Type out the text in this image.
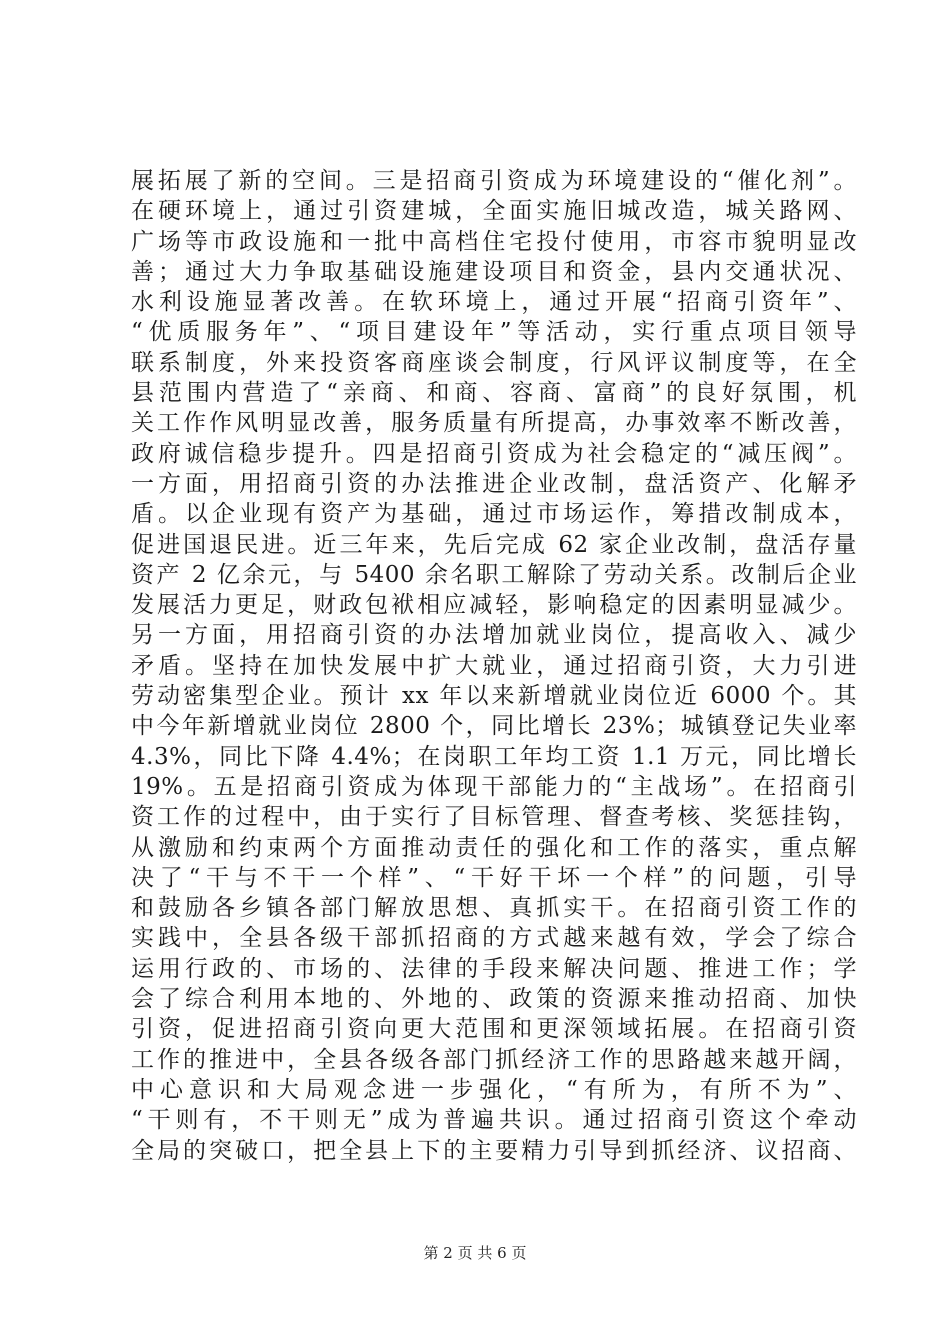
展拓展了新的空间。三是招商引资成为环境建设的“催化剂”。
在硬环境上，通过引资建城，全面实施旧城改造，城关路网、
广场等市政设施和一批中高档住宅投付使用，市容市貌明显改
善；通过大力争取基础设施建设项目和资金，县内交通状况、
水利设施显著改善。在软环境上，通过开展“招商引资年”、
“优质服务年”、“项目建设年”等活动，实行重点项目领导
联系制度，外来投资客商座谈会制度，行风评议制度等，在全
县范围内营造了“亲商、和商、容商、富商”的良好氛围，机
关工作作风明显改善，服务质量有所提高，办事效率不断改善，
政府诚信稳步提升。四是招商引资成为社会稳定的“减压阀”。
一方面，用招商引资的办法推进企业改制，盘活资产、化解矛
盾。以企业现有资产为基础，通过市场运作，筹措改制成本，
促进国退民进。近三年来，先后完成 62 家企业改制，盘活存量
资产 2 亿余元，与 5400 余名职工解除了劳动关系。改制后企业
发展活力更足，财政包袱相应减轻，影响稳定的因素明显减少。
另一方面，用招商引资的办法增加就业岗位，提高收入、减少
矛盾。坚持在加快发展中扩大就业，通过招商引资，大力引进
劳动密集型企业。预计 xx 年以来新增就业岗位近 6000 个。其
中今年新增就业岗位 2800 个，同比增长 23%；城镇登记失业率
4.3%，同比下降 4.4%；在岗职工年均工资 1.1 万元，同比增长
19%。五是招商引资成为体现干部能力的“主战场”。在招商引
资工作的过程中，由于实行了目标管理、督查考核、奖惩挂钩，
从激励和约束两个方面推动责任的强化和工作的落实，重点解
决了“干与不干一个样”、“干好干坏一个样”的问题，引导
和鼓励各乡镇各部门解放思想、真抓实干。在招商引资工作的
实践中，全县各级干部抓招商的方式越来越有效，学会了综合
运用行政的、市场的、法律的手段来解决问题、推进工作；学
会了综合利用本地的、外地的、政策的资源来推动招商、加快
引资，促进招商引资向更大范围和更深领域拓展。在招商引资
工作的推进中，全县各级各部门抓经济工作的思路越来越开阔，
中心意识和大局观念进一步强化，“有所为，有所不为”、
“干则有，不干则无”成为普遍共识。通过招商引资这个牵动
全局的突破口，把全县上下的主要精力引导到抓经济、议招商、
第 2 页 共 6 页
